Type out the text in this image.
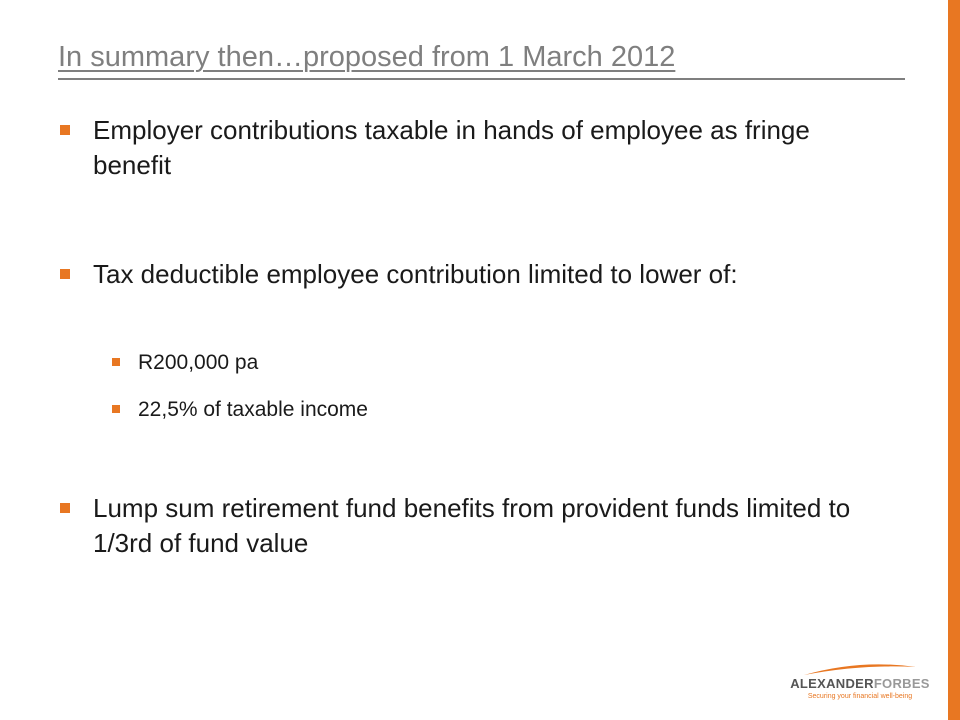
In summary then…proposed from 1 March 2012
Employer contributions taxable in hands of employee as fringe benefit
Tax deductible employee contribution limited to lower of:
R200,000 pa
22,5% of taxable income
Lump sum retirement fund benefits from provident funds limited to 1/3rd of fund value
ALEXANDERFORBES
Securing your financial well-being
